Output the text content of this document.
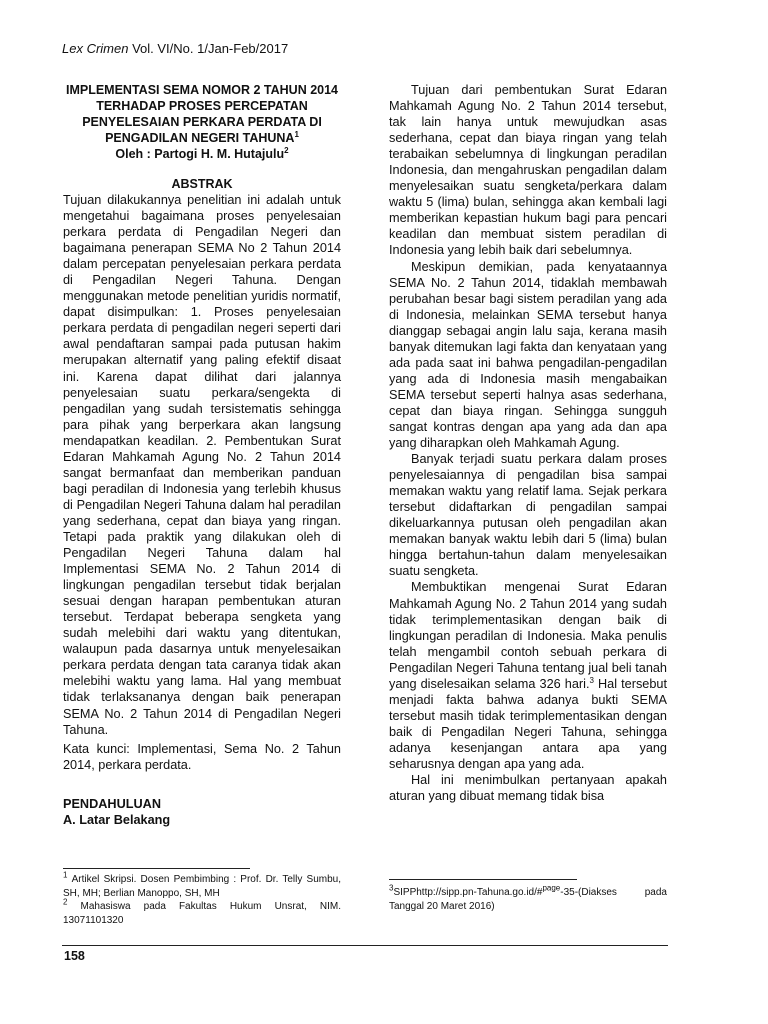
Lex Crimen Vol. VI/No. 1/Jan-Feb/2017
IMPLEMENTASI SEMA NOMOR 2 TAHUN 2014
TERHADAP PROSES PERCEPATAN
PENYELESAIAN PERKARA PERDATA DI
PENGADILAN NEGERI TAHUNA$^1$
Oleh : Partogi H. M. Hutajulu$^2$
ABSTRAK

Tujuan dilakukannya penelitian ini adalah untuk mengetahui bagaimana proses penyelesaian perkara perdata di Pengadilan Negeri dan bagaimana penerapan SEMA No 2 Tahun 2014 dalam percepatan penyelesaian perkara perdata di Pengadilan Negeri Tahuna. Dengan menggunakan metode penelitian yuridis normatif, dapat disimpulkan: 1. Proses penyelesaian perkara perdata di pengadilan negeri seperti dari awal pendaftaran sampai pada putusan hakim merupakan alternatif yang paling efektif disaat ini. Karena dapat dilihat dari jalannya penyelesaian suatu perkara/sengekta di pengadilan yang sudah tersistematis sehingga para pihak yang berperkara akan langsung mendapatkan keadilan. 2. Pembentukan Surat Edaran Mahkamah Agung No. 2 Tahun 2014 sangat bermanfaat dan memberikan panduan bagi peradilan di Indonesia yang terlebih khusus di Pengadilan Negeri Tahuna dalam hal peradilan yang sederhana, cepat dan biaya yang ringan. Tetapi pada praktik yang dilakukan oleh di Pengadilan Negeri Tahuna dalam hal Implementasi SEMA No. 2 Tahun 2014 di lingkungan pengadilan tersebut tidak berjalan sesuai dengan harapan pembentukan aturan tersebut. Terdapat beberapa sengketa yang sudah melebihi dari waktu yang ditentukan, walaupun pada dasarnya untuk menyelesaikan perkara perdata dengan tata caranya tidak akan melebihi waktu yang lama. Hal yang membuat tidak terlaksananya dengan baik penerapan SEMA No. 2 Tahun 2014 di Pengadilan Negeri Tahuna.

Kata kunci: Implementasi, Sema No. 2 Tahun 2014, perkara perdata.

PENDAHULUAN
A. Latar Belakang
$^1$ Artikel Skripsi. Dosen Pembimbing : Prof. Dr. Telly Sumbu, SH, MH; Berlian Manoppo, SH, MH
$^2$ Mahasiswa pada Fakultas Hukum Unsrat, NIM. 13071101320

Tujuan dari pembentukan Surat Edaran Mahkamah Agung No. 2 Tahun 2014 tersebut, tak lain hanya untuk mewujudkan asas sederhana, cepat dan biaya ringan yang telah terabaikan sebelumnya di lingkungan peradilan Indonesia, dan mengahruskan pengadilan dalam menyelesaikan suatu sengketa/perkara dalam waktu 5 (lima) bulan, sehingga akan kembali lagi memberikan kepastian hukum bagi para pencari keadilan dan membuat sistem peradilan di Indonesia yang lebih baik dari sebelumnya.

Meskipun demikian, pada kenyataannya SEMA No. 2 Tahun 2014, tidaklah membawah perubahan besar bagi sistem peradilan yang ada di Indonesia, melainkan SEMA tersebut hanya dianggap sebagai angin lalu saja, kerana masih banyak ditemukan lagi fakta dan kenyataan yang ada pada saat ini bahwa pengadilan-pengadilan yang ada di Indonesia masih mengabaikan SEMA tersebut seperti halnya asas sederhana, cepat dan biaya ringan. Sehingga sungguh sangat kontras dengan apa yang ada dan apa yang diharapkan oleh Mahkamah Agung.

Banyak terjadi suatu perkara dalam proses penyelesaiannya di pengadilan bisa sampai memakan waktu yang relatif lama. Sejak perkara tersebut didaftarkan di pengadilan sampai dikeluarkannya putusan oleh pengadilan akan memakan banyak waktu lebih dari 5 (lima) bulan hingga bertahun-tahun dalam menyelesaikan suatu sengketa.

Membuktikan mengenai Surat Edaran Mahkamah Agung No. 2 Tahun 2014 yang sudah tidak terimplementasikan dengan baik di lingkungan peradilan di Indonesia. Maka penulis telah mengambil contoh sebuah perkara di Pengadilan Negeri Tahuna tentang jual beli tanah yang diselesaikan selama 326 hari.$^3$ Hal tersebut menjadi fakta bahwa adanya bukti SEMA tersebut masih tidak terimplementasikan dengan baik di Pengadilan Negeri Tahuna, sehingga adanya kesenjangan antara apa yang seharusnya dengan apa yang ada.

Hal ini menimbulkan pertanyaan apakah aturan yang dibuat memang tidak bisa

$^3$SIPPhttp://sipp.pn-Tahuna.go.id/#$^{page}$-35-(Diakses pada Tanggal 20 Maret 2016)
158
